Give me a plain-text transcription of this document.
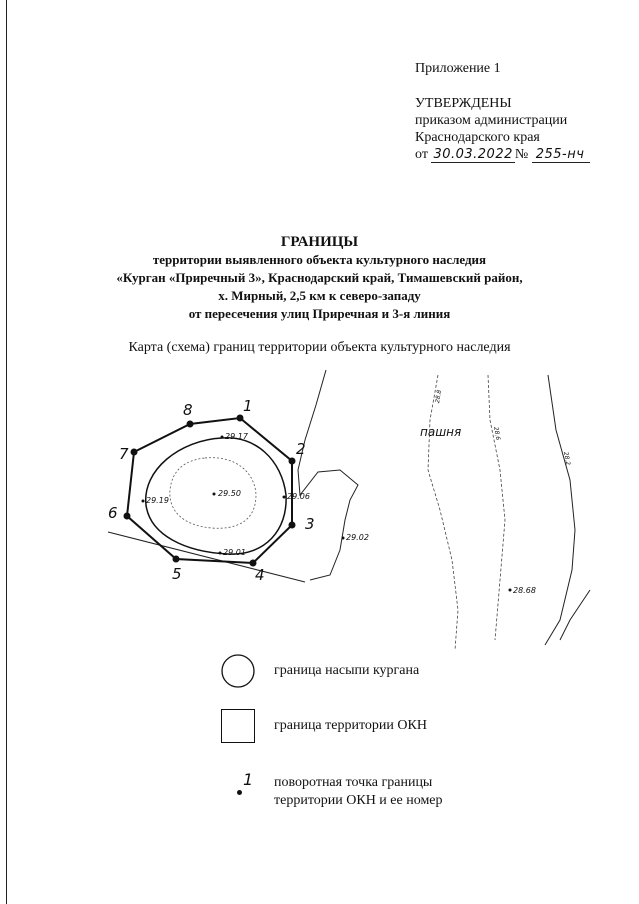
Приложение 1
УТВЕРЖДЕНЫ
приказом администрации
Краснодарского края
от 30.03.2022 № 255-нч
ГРАНИЦЫ
территории выявленного объекта культурного наследия
«Курган «Приречный 3», Краснодарский край, Тимашевский район,
х. Мирный, 2,5 км к северо-западу
от пересечения улиц Приречная и 3-я линия
Карта (схема) границ территории объекта культурного наследия
8	1
2
3
4
5
6
7
29.17
29.50	29.06
29.19
29.01
29.02
28.68
пашня
28.8
28.6
28.2
граница насыпи кургана
граница территории ОКН
1 поворотная точка границы
территории ОКН и ее номер
